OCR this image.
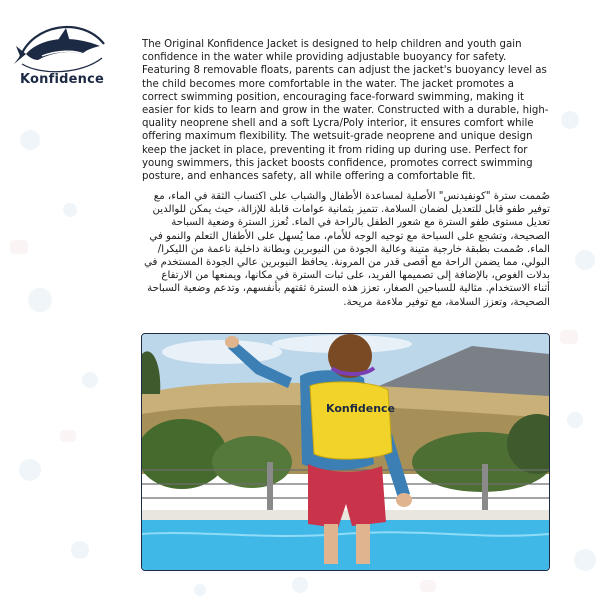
Konfidence

The Original Konfidence Jacket is designed to help children and youth gain confidence in the water while providing adjustable buoyancy for safety. Featuring 8 removable floats, parents can adjust the jacket's buoyancy level as the child becomes more comfortable in the water. The jacket promotes a correct swimming position, encouraging face-forward swimming, making it easier for kids to learn and grow in the water. Constructed with a durable, high-quality neoprene shell and a soft Lycra/Poly interior, it ensures comfort while offering maximum flexibility. The wetsuit-grade neoprene and unique design keep the jacket in place, preventing it from riding up during use. Perfect for young swimmers, this jacket boosts confidence, promotes correct swimming posture, and enhances safety, all while offering a comfortable fit.

صُممت سترة "كونفيدنس" الأصلية لمساعدة الأطفال والشباب على اكتساب الثقة في الماء، مع توفير طفو قابل للتعديل لضمان السلامة. تتميز بثمانية عوامات قابلة للإزالة، حيث يمكن للوالدين تعديل مستوى طفو السترة مع شعور الطفل بالراحة في الماء. تُعزز السترة وضعية السباحة الصحيحة، وتشجع على السباحة مع توجيه الوجه للأمام، مما يُسهل على الأطفال التعلم والنمو في الماء. صُممت بطبقة خارجية متينة وعالية الجودة من النيوبرين وبطانة داخلية ناعمة من الليكرا/البولي، مما يضمن الراحة مع أقصى قدر من المرونة. يحافظ النيوبرين عالي الجودة المستخدم في بدلات الغوص، بالإضافة إلى تصميمها الفريد، على ثبات السترة في مكانها، ويمنعها من الارتفاع أثناء الاستخدام. مثالية للسباحين الصغار، تعزز هذه السترة ثقتهم بأنفسهم، وتدعم وضعية السباحة الصحيحة، وتعزز السلامة، مع توفير ملاءمة مريحة.

Konfidence
